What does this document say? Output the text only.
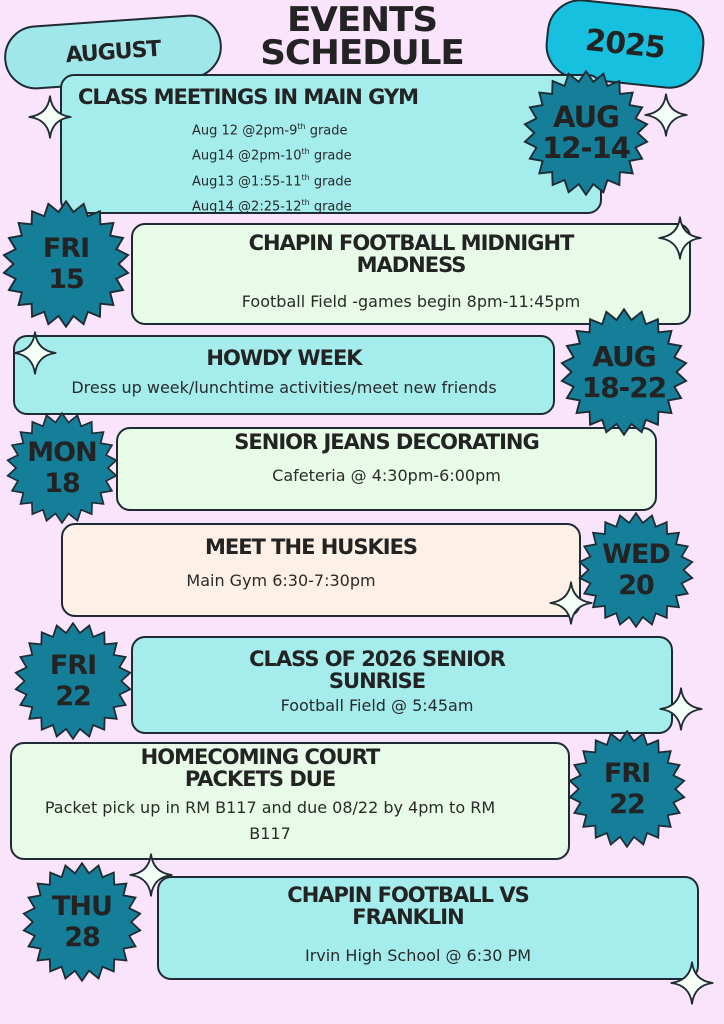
EVENTS
SCHEDULE
AUGUST	2025
CLASS MEETINGS IN MAIN GYM
Aug 12 @2pm-9th grade
Aug14 @2pm-10th grade
Aug13 @1:55-11th grade
Aug14 @2:25-12th grade
CHAPIN FOOTBALL MIDNIGHT
MADNESS
Football Field -games begin 8pm-11:45pm
HOWDY WEEK
Dress up week/lunchtime activities/meet new friends
SENIOR JEANS DECORATING
Cafeteria @ 4:30pm-6:00pm
MEET THE HUSKIES
Main Gym 6:30-7:30pm
CLASS OF 2026 SENIOR
SUNRISE
Football Field @ 5:45am
HOMECOMING COURT
PACKETS DUE
Packet pick up in RM B117 and due 08/22 by 4pm to RM
B117
CHAPIN FOOTBALL VS
FRANKLIN
Irvin High School @ 6:30 PM
AUG
12-14
FRI
15
AUG
18-22
MON
18
WED
20
FRI
22
FRI
22
THU
28
